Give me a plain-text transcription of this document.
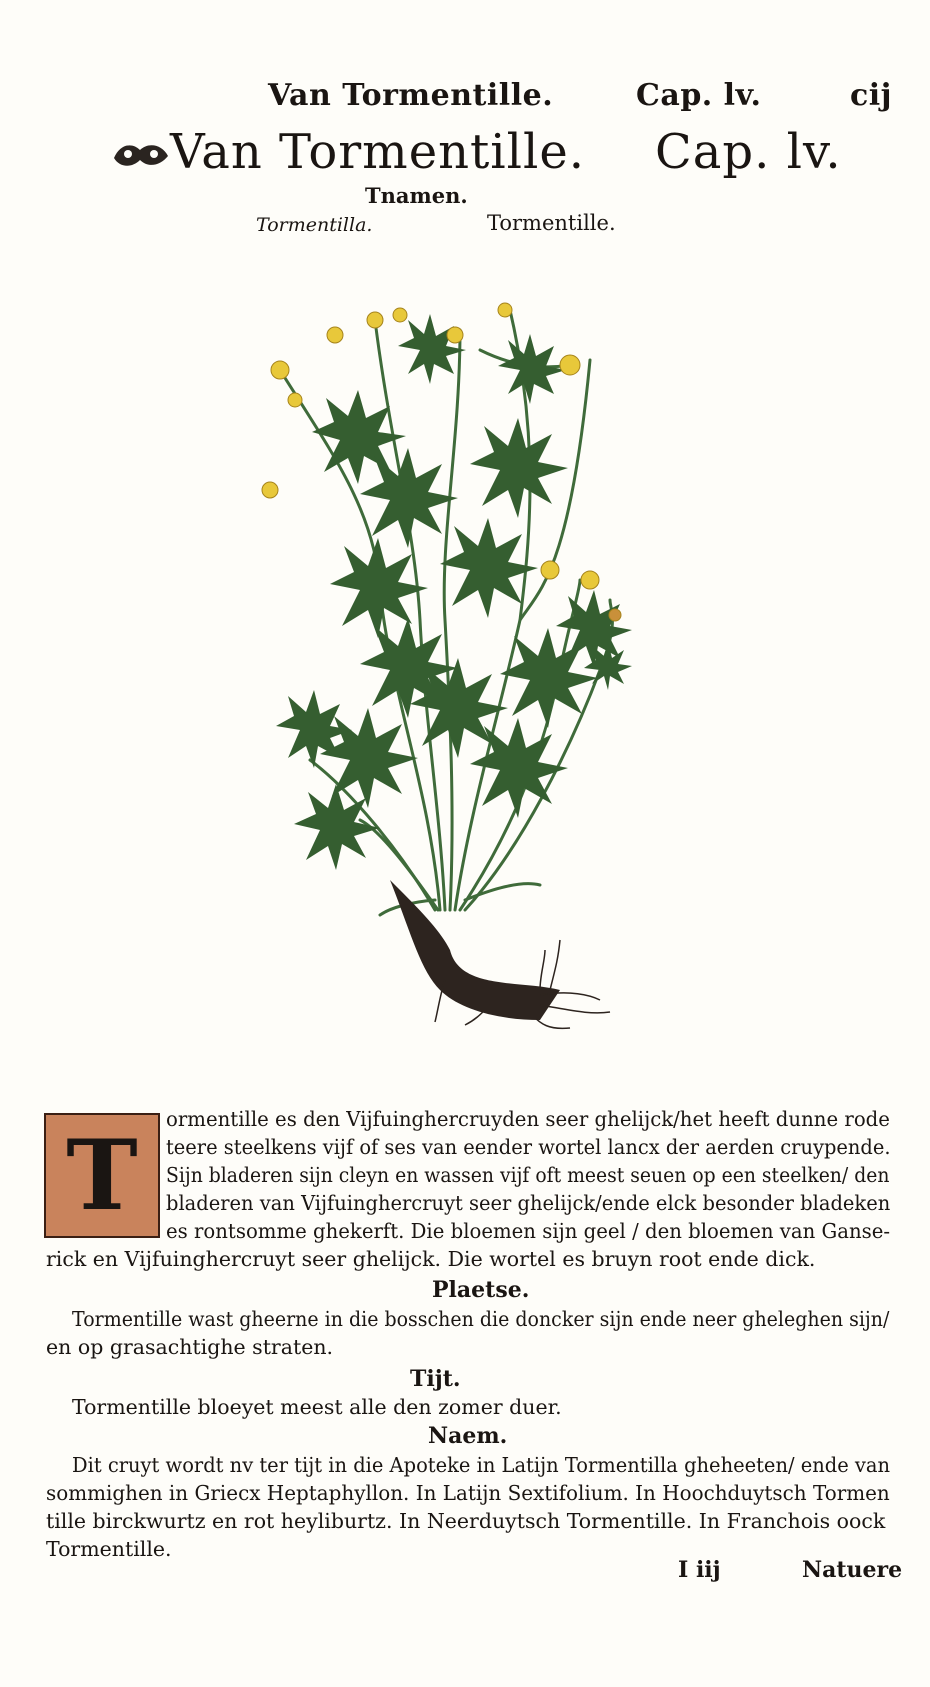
Van Tormentille.	Cap. lv.	cij
Van Tormentille. Cap. lv.
Tnamen.
Tormentilla.	Tormentille.
T	ormentille es den Vijfuinghercruyden seer ghelijck/het heeft dunne rode
teere steelkens vijf of ses van eender wortel lancx der aerden cruypende.
Sijn bladeren sijn cleyn en wassen vijf oft meest seuen op een steelken/ den
bladeren van Vijfuinghercruyt seer ghelijck/ende elck besonder bladeken
es rontsomme ghekerft. Die bloemen sijn geel / den bloemen van Ganse-
rick en Vijfuinghercruyt seer ghelijck. Die wortel es bruyn root ende dick.
Plaetse.
Tormentille wast gheerne in die bosschen die doncker sijn ende neer gheleghen sijn/
en op grasachtighe straten.
Tijt.
Tormentille bloeyet meest alle den zomer duer.
Naem.
Dit cruyt wordt nv ter tijt in die Apoteke in Latijn Tormentilla gheheeten/ ende van
sommighen in Griecx Heptaphyllon. In Latijn Sextifolium. In Hoochduytsch Tormen
tille birckwurtz en rot heyliburtz. In Neerduytsch Tormentille. In Franchois oock
Tormentille.
I iij	Natuere
